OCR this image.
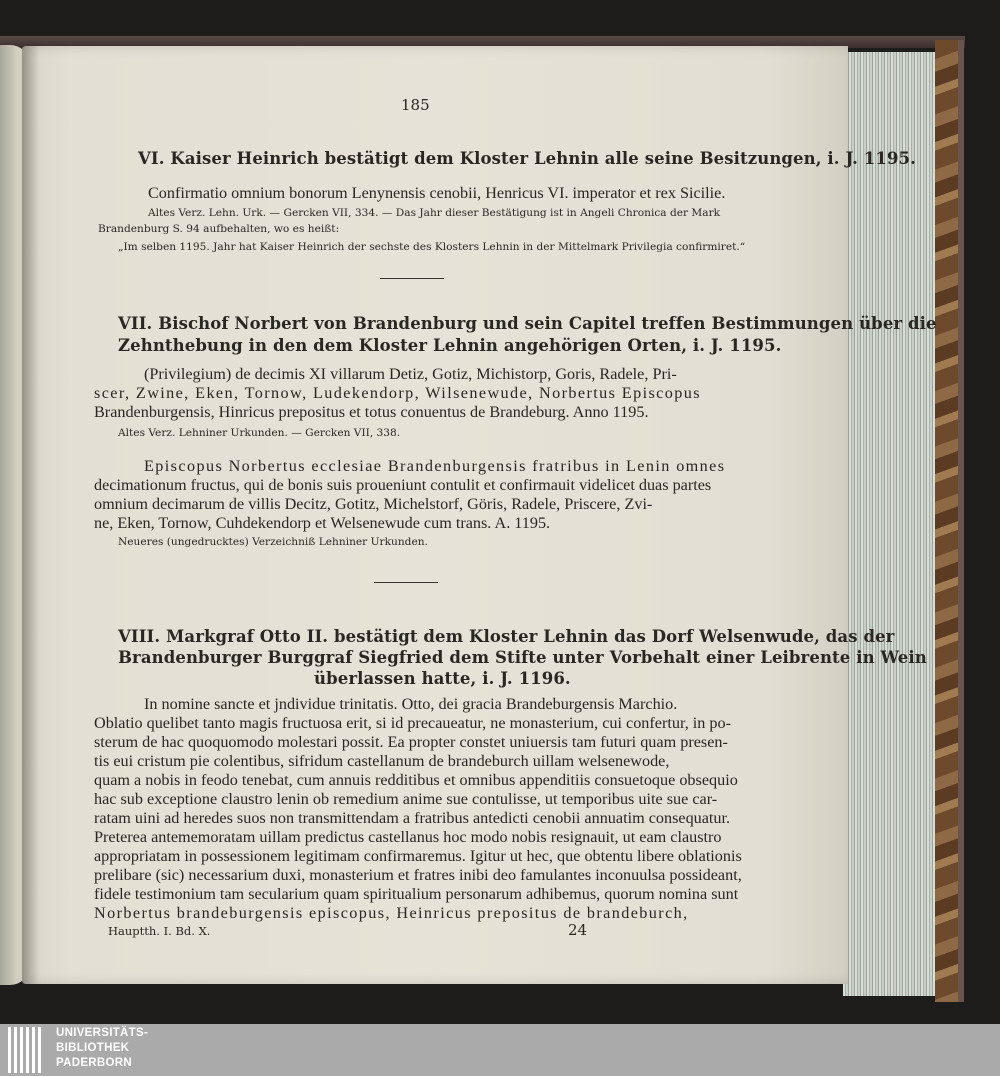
185
VI. Kaiser Heinrich bestätigt dem Kloster Lehnin alle seine Besitzungen, i. J. 1195.
Confirmatio omnium bonorum Lenynensis cenobii, Henricus VI. imperator et rex Sicilie.
Altes Verz. Lehn. Urk. — Gercken VII, 334. — Das Jahr dieser Bestätigung ist in Angeli Chronica der Mark
Brandenburg S. 94 aufbehalten, wo es heißt:
„Im selben 1195. Jahr hat Kaiser Heinrich der sechste des Klosters Lehnin in der Mittelmark Privilegia confirmiret.“
VII. Bischof Norbert von Brandenburg und sein Capitel treffen Bestimmungen über die
Zehnthebung in den dem Kloster Lehnin angehörigen Orten, i. J. 1195.
(Privilegium) de decimis XI villarum Detiz, Gotiz, Michistorp, Goris, Radele, Pri-
scer, Zwine, Eken, Tornow, Ludekendorp, Wilsenewude, Norbertus Episcopus
Brandenburgensis, Hinricus prepositus et totus conuentus de Brandeburg. Anno 1195.
Altes Verz. Lehniner Urkunden. — Gercken VII, 338.
Episcopus Norbertus ecclesiae Brandenburgensis fratribus in Lenin omnes
decimationum fructus, qui de bonis suis proueniunt contulit et confirmauit videlicet duas partes
omnium decimarum de villis Decitz, Gotitz, Michelstorf, Göris, Radele, Priscere, Zvi-
ne, Eken, Tornow, Cuhdekendorp et Welsenewude cum trans. A. 1195.
Neueres (ungedrucktes) Verzeichniß Lehniner Urkunden.
VIII. Markgraf Otto II. bestätigt dem Kloster Lehnin das Dorf Welsenwude, das der
Brandenburger Burggraf Siegfried dem Stifte unter Vorbehalt einer Leibrente in Wein
überlassen hatte, i. J. 1196.
In nomine sancte et jndividue trinitatis. Otto, dei gracia Brandeburgensis Marchio.
Oblatio quelibet tanto magis fructuosa erit, si id precaueatur, ne monasterium, cui confertur, in po-
sterum de hac quoquomodo molestari possit. Ea propter constet uniuersis tam futuri quam presen-
tis eui cristum pie colentibus, sifridum castellanum de brandeburch uillam welsenewode,
quam a nobis in feodo tenebat, cum annuis redditibus et omnibus appenditiis consuetoque obsequio
hac sub exceptione claustro lenin ob remedium anime sue contulisse, ut temporibus uite sue car-
ratam uini ad heredes suos non transmittendam a fratribus antedicti cenobii annuatim consequatur.
Preterea antememoratam uillam predictus castellanus hoc modo nobis resignauit, ut eam claustro
appropriatam in possessionem legitimam confirmaremus. Igitur ut hec, que obtentu libere oblationis
prelibare (sic) necessarium duxi, monasterium et fratres inibi deo famulantes inconuulsa possideant,
fidele testimonium tam secularium quam spiritualium personarum adhibemus, quorum nomina sunt
Norbertus brandeburgensis episcopus, Heinricus prepositus de brandeburch,
Hauptth. I. Bd. X.	24
UNIVERSITÄTS-
BIBLIOTHEK
PADERBORN
